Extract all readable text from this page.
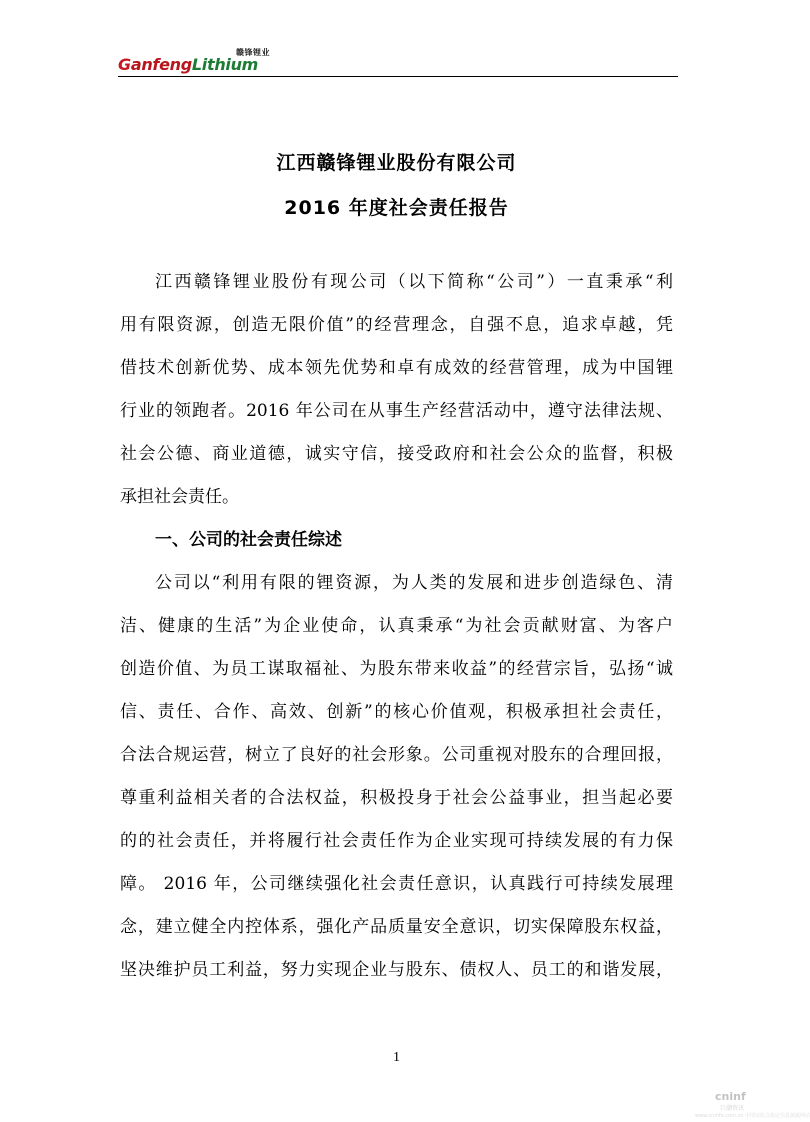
赣锋锂业
GanfengLithium
江西赣锋锂业股份有限公司
2016 年度社会责任报告
江西赣锋锂业股份有现公司（以下简称“公司”）一直秉承“利
用有限资源，创造无限价值”的经营理念，自强不息，追求卓越，凭
借技术创新优势、成本领先优势和卓有成效的经营管理，成为中国锂
行业的领跑者。2016 年公司在从事生产经营活动中，遵守法律法规、
社会公德、商业道德，诚实守信，接受政府和社会公众的监督，积极
承担社会责任。
一、公司的社会责任综述
公司以“利用有限的锂资源，为人类的发展和进步创造绿色、清
洁、健康的生活”为企业使命，认真秉承“为社会贡献财富、为客户
创造价值、为员工谋取福祉、为股东带来收益”的经营宗旨，弘扬“诚
信、责任、合作、高效、创新”的核心价值观，积极承担社会责任，
合法合规运营，树立了良好的社会形象。公司重视对股东的合理回报，
尊重利益相关者的合法权益，积极投身于社会公益事业，担当起必要
的的社会责任，并将履行社会责任作为企业实现可持续发展的有力保
障。 2016 年，公司继续强化社会责任意识，认真践行可持续发展理
念，建立健全内控体系，强化产品质量安全意识，切实保障股东权益，
坚决维护员工利益，努力实现企业与股东、债权人、员工的和谐发展，
1
cninf
巨潮资讯
www.cninfo.com.cn 中国证监会指定信息披露网站
